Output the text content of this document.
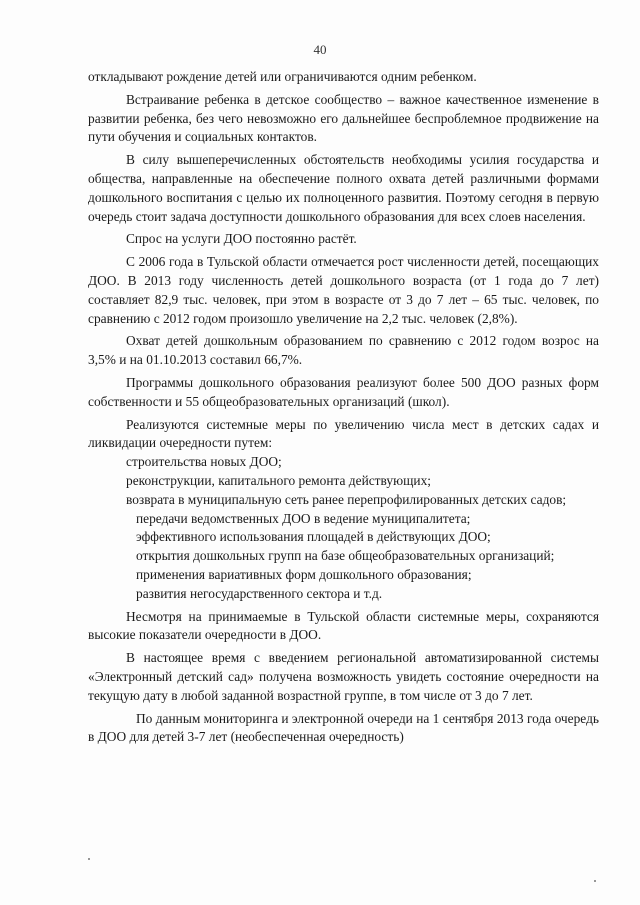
40

откладывают рождение детей или ограничиваются одним ребенком.

Встраивание ребенка в детское сообщество – важное качественное изменение в развитии ребенка, без чего невозможно его дальнейшее беспроблемное продвижение на пути обучения и социальных контактов.

В силу вышеперечисленных обстоятельств необходимы усилия государства и общества, направленные на обеспечение полного охвата детей различными формами дошкольного воспитания с целью их полноценного развития. Поэтому сегодня в первую очередь стоит задача доступности дошкольного образования для всех слоев населения.

Спрос на услуги ДОО постоянно растёт.

С 2006 года в Тульской области отмечается рост численности детей, посещающих ДОО. В 2013 году численность детей дошкольного возраста (от 1 года до 7 лет) составляет 82,9 тыс. человек, при этом в возрасте от 3 до 7 лет – 65 тыс. человек, по сравнению с 2012 годом произошло увеличение на 2,2 тыс. человек (2,8%).

Охват детей дошкольным образованием по сравнению с 2012 годом возрос на 3,5% и на 01.10.2013 составил 66,7%.

Программы дошкольного образования реализуют более 500 ДОО разных форм собственности и 55 общеобразовательных организаций (школ).

Реализуются системные меры по увеличению числа мест в детских садах и ликвидации очередности путем:

строительства новых ДОО;

реконструкции, капитального ремонта действующих;

возврата в муниципальную сеть ранее перепрофилированных детских садов;

передачи ведомственных ДОО в ведение муниципалитета;

эффективного использования площадей в действующих ДОО;

открытия дошкольных групп на базе общеобразовательных организаций;

применения вариативных форм дошкольного образования;

развития негосударственного сектора и т.д.

Несмотря на принимаемые в Тульской области системные меры, сохраняются высокие показатели очередности в ДОО.

В настоящее время с введением региональной автоматизированной системы «Электронный детский сад» получена возможность увидеть состояние очередности на текущую дату в любой заданной возрастной группе, в том числе от 3 до 7 лет.

По данным мониторинга и электронной очереди на 1 сентября 2013 года очередь в ДОО для детей 3-7 лет (необеспеченная очередность)
